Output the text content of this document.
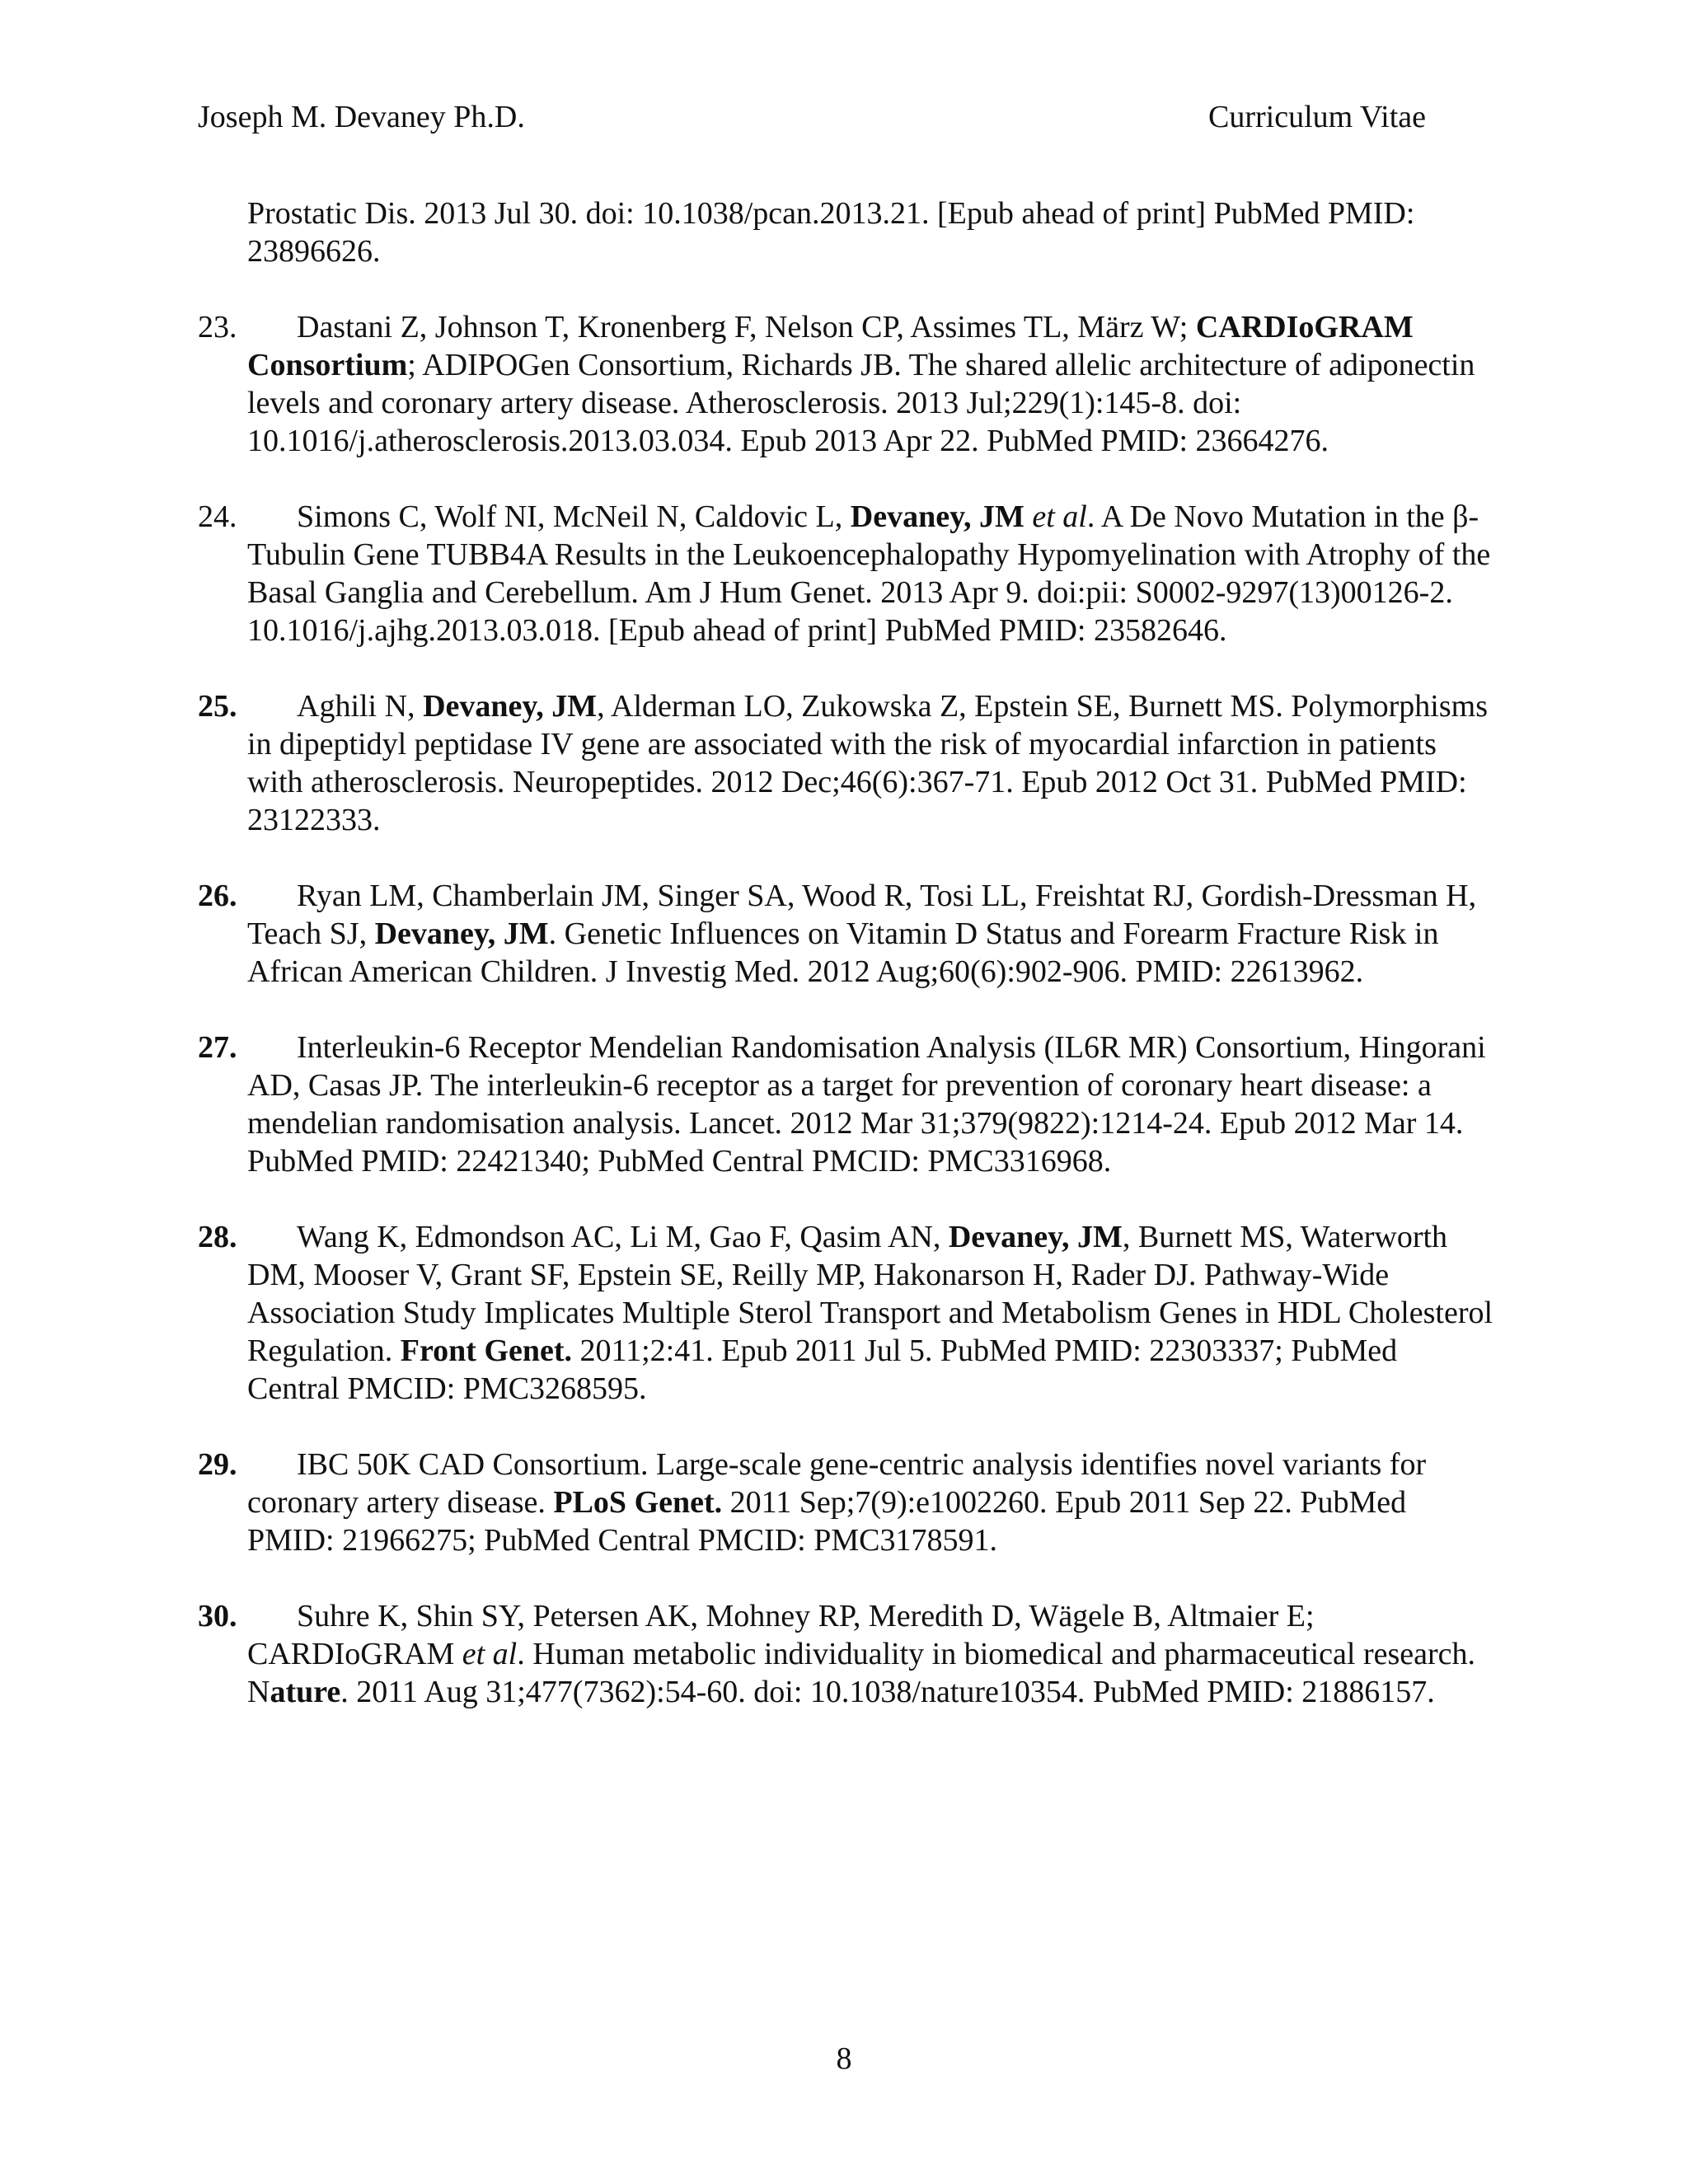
Joseph M. Devaney Ph.D.	Curriculum Vitae

Prostatic Dis. 2013 Jul 30. doi: 10.1038/pcan.2013.21. [Epub ahead of print] PubMed PMID: 23896626.

23. Dastani Z, Johnson T, Kronenberg F, Nelson CP, Assimes TL, März W; CARDIoGRAM Consortium; ADIPOGen Consortium, Richards JB. The shared allelic architecture of adiponectin levels and coronary artery disease. Atherosclerosis. 2013 Jul;229(1):145-8. doi: 10.1016/j.atherosclerosis.2013.03.034. Epub 2013 Apr 22. PubMed PMID: 23664276.

24. Simons C, Wolf NI, McNeil N, Caldovic L, Devaney, JM et al. A De Novo Mutation in the β-Tubulin Gene TUBB4A Results in the Leukoencephalopathy Hypomyelination with Atrophy of the Basal Ganglia and Cerebellum. Am J Hum Genet. 2013 Apr 9. doi:pii: S0002-9297(13)00126-2. 10.1016/j.ajhg.2013.03.018. [Epub ahead of print] PubMed PMID: 23582646.

25. Aghili N, Devaney, JM, Alderman LO, Zukowska Z, Epstein SE, Burnett MS. Polymorphisms in dipeptidyl peptidase IV gene are associated with the risk of myocardial infarction in patients with atherosclerosis. Neuropeptides. 2012 Dec;46(6):367-71. Epub 2012 Oct 31. PubMed PMID: 23122333.

26. Ryan LM, Chamberlain JM, Singer SA, Wood R, Tosi LL, Freishtat RJ, Gordish-Dressman H, Teach SJ, Devaney, JM. Genetic Influences on Vitamin D Status and Forearm Fracture Risk in African American Children. J Investig Med. 2012 Aug;60(6):902-906. PMID: 22613962.

27. Interleukin-6 Receptor Mendelian Randomisation Analysis (IL6R MR) Consortium, Hingorani AD, Casas JP. The interleukin-6 receptor as a target for prevention of coronary heart disease: a mendelian randomisation analysis. Lancet. 2012 Mar 31;379(9822):1214-24. Epub 2012 Mar 14. PubMed PMID: 22421340; PubMed Central PMCID: PMC3316968.

28. Wang K, Edmondson AC, Li M, Gao F, Qasim AN, Devaney, JM, Burnett MS, Waterworth DM, Mooser V, Grant SF, Epstein SE, Reilly MP, Hakonarson H, Rader DJ. Pathway-Wide Association Study Implicates Multiple Sterol Transport and Metabolism Genes in HDL Cholesterol Regulation. Front Genet. 2011;2:41. Epub 2011 Jul 5. PubMed PMID: 22303337; PubMed Central PMCID: PMC3268595.

29. IBC 50K CAD Consortium. Large-scale gene-centric analysis identifies novel variants for coronary artery disease. PLoS Genet. 2011 Sep;7(9):e1002260. Epub 2011 Sep 22. PubMed PMID: 21966275; PubMed Central PMCID: PMC3178591.

30. Suhre K, Shin SY, Petersen AK, Mohney RP, Meredith D, Wägele B, Altmaier E; CARDIoGRAM et al. Human metabolic individuality in biomedical and pharmaceutical research. Nature. 2011 Aug 31;477(7362):54-60. doi: 10.1038/nature10354. PubMed PMID: 21886157.

8
